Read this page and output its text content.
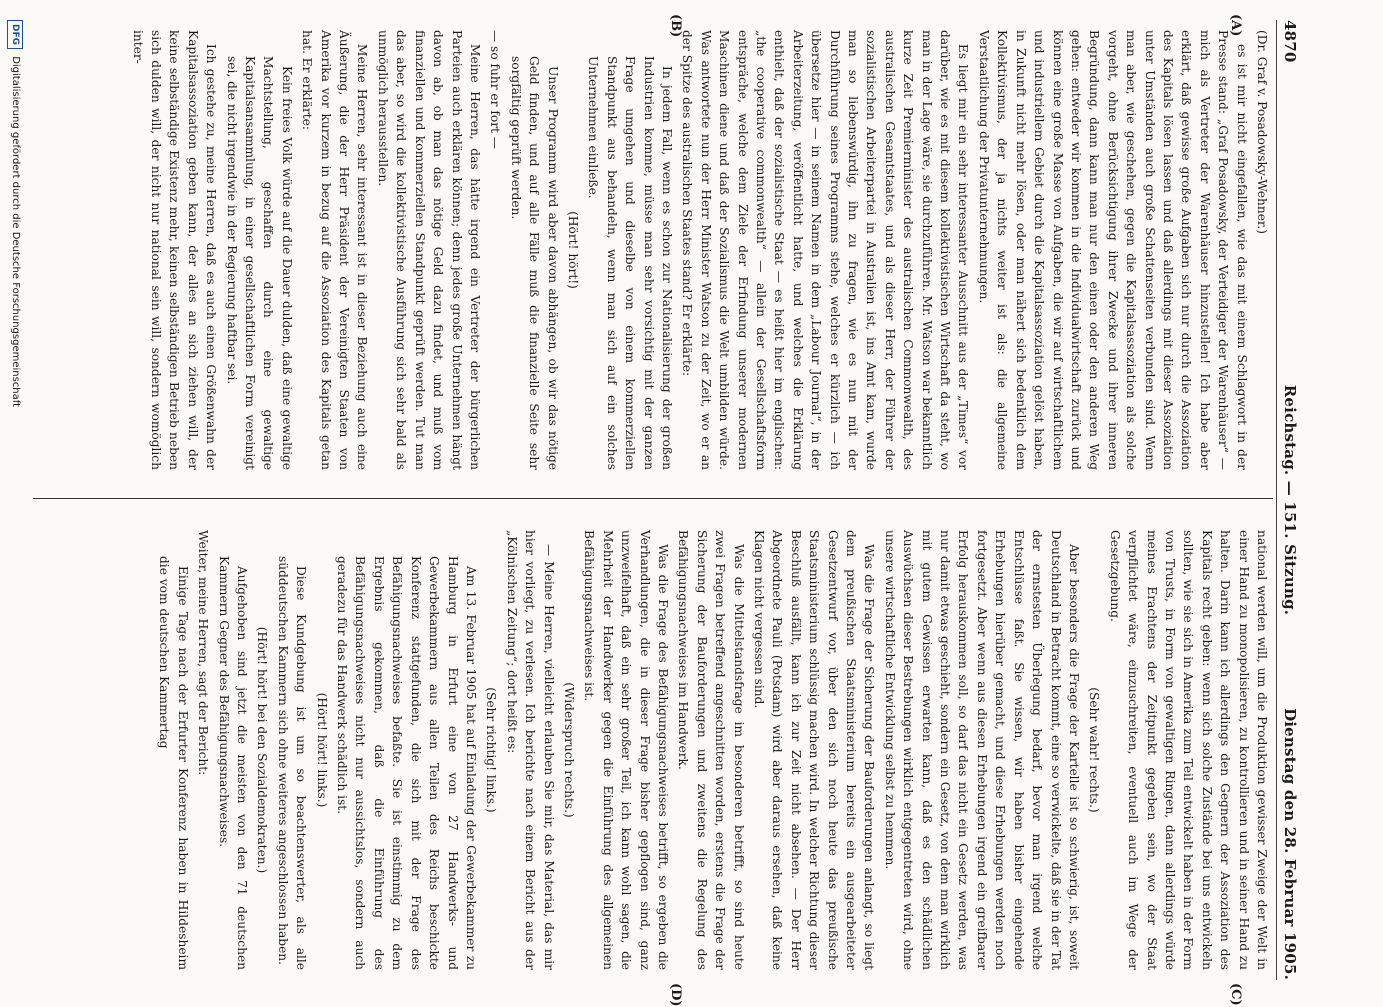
4870
Reichstag. — 151. Sitzung.
Dienstag den 28. Februar 1905.
(A)
(B)
(C)
(D)

(Dr. Graf v. Posadowsky-Wehner.)

es ist mir nicht eingefallen, wie das mit einem Schlagwort in der Presse stand: „Graf Posadowsky, der Verteidiger der Warenhäuser“ — mich als Vertreter der Warenhäuser hinzustellen! Ich habe aber erklärt, daß gewisse große Aufgaben sich nur durch die Assoziation des Kapitals lösen lassen und daß allerdings mit dieser Assoziation unter Umständen auch große Schattenseiten verbunden sind. Wenn man aber, wie geschehen, gegen die Kapitalsassoziation als solche vorgeht, ohne Berücksichtigung ihrer Zwecke und ihrer inneren Begründung, dann kann man nur den einen oder den anderen Weg gehen: entweder wir kommen in die Individualwirtschaft zurück und können eine große Masse von Aufgaben, die wir auf wirtschaftlichem und industriellem Gebiet durch die Kapitalsassoziation gelöst haben, in Zukunft nicht mehr lösen, oder man nähert sich bedenklich dem Kollektivismus, der ja nichts weiter ist als: die allgemeine Verstaatlichung der Privatunternehmungen.

Es liegt mir ein sehr interessanter Ausschnitt aus der „Times“ vor darüber, wie es mit diesem kollektivistischen Wirtschaft da steht, wo man in der Lage wäre, sie durchzuführen. Mr. Watson war bekanntlich kurze Zeit Premierminister des australischen Commonwealth, des australischen Gesamtstaates, und als dieser Herr, der Führer der sozialistischen Arbeiterpartei in Australien ist, ins Amt kam, wurde man so liebenswürdig, ihn zu fragen, wie es nun mit der Durchführung seines Programms stehe, welches er kürzlich — ich übersetze hier — in seinem Namen in dem „Labour Journal“, in der Arbeiterzeitung, veröffentlicht hatte, und welches die Erklärung enthielt, daß der sozialistische Staat — es heißt hier im englischen: „the cooperative commonwealth“ — allein der Gesellschaftsform entspräche, welche dem Ziele der Erfindung unserer modernen Maschinen diene und daß der Sozialismus die Welt umbilden würde. Was antwortete nun der Herr Minister Watson zu der Zeit, wo er an der Spitze des australischen Staates stand? Er erklärte:

In jedem Fall, wenn es schon zur Nationalisierung der großen Industrien komme, müsse man sehr vorsichtig mit der ganzen Frage umgehen und dieselbe von einem kommerziellen Standpunkt aus behandeln, wenn man sich auf ein solches Unternehmen einließe.

(Hört! hört!)

Unser Programm wird aber davon abhängen, ob wir das nötige Geld finden, und auf alle Fälle muß die finanzielle Seite sehr sorgfältig geprüft werden.

— so fuhr er fort —

Meine Herren, das hätte irgend ein Vertreter der bürgerlichen Parteien auch erklären können; denn jedes große Unternehmen hängt davon ab, ob man das nötige Geld dazu findet, und muß vom finanziellen und kommerziellen Standpunkt geprüft werden. Tut man das aber, so wird die kollektivistische Ausführung sich sehr bald als unmöglich herausstellen.

Meine Herren, sehr interessant ist in dieser Beziehung auch eine Äußerung, die der Herr Präsident der Vereinigten Staaten von Amerika vor kurzem in bezug auf die Assoziation des Kapitals getan hat. Er erklärte:

Kein freies Volk würde auf die Dauer dulden, daß eine gewaltige Machtstellung, geschaffen durch eine gewaltige Kapitalsansammlung, in einer gesellschaftlichen Form vereinigt sei, die nicht irgendwie in der Regierung haftbar sei.

Ich gestehe zu, meine Herren, daß es auch einen Größenwahn der Kapitalsassoziation geben kann, der alles an sich ziehen will, der keine selbständige Existenz mehr, keinen selbständigen Betrieb neben sich dulden will, der nicht nur national sein will, sondern womöglich inter-

national werden will, um die Produktion gewisser Zweige der Welt in einer Hand zu monopolisieren, zu kontrollieren und in seiner Hand zu halten. Darin kann ich allerdings den Gegnern der Assoziation des Kapitals recht geben: wenn sich solche Zustände bei uns entwickeln sollten, wie sie sich in Amerika zum Teil entwickelt haben in der Form von Trusts, in Form von gewaltigen Ringen, dann allerdings würde meines Erachtens der Zeitpunkt gegeben sein, wo der Staat verpflichtet wäre, einzuschreiten, eventuell auch im Wege der Gesetzgebung.

(Sehr wahr! rechts.)

Aber besonders die Frage der Kartelle ist so schwierig, ist, soweit Deutschland in Betracht kommt, eine so verwickelte, daß sie in der Tat der ernstesten Überlegung bedarf, bevor man irgend welche Entschlüsse faßt. Sie wissen, wir haben bisher eingehende Erhebungen hierüber gemacht, und diese Erhebungen werden noch fortgesetzt. Aber wenn aus diesen Erhebungen irgend ein greifbarer Erfolg herauskommen soll, so darf das nicht ein Gesetz werden, was nur damit etwas geschieht, sondern ein Gesetz, von dem man wirklich mit gutem Gewissen erwarten kann, daß es den schädlichen Auswüchsen dieser Bestrebungen wirklich entgegentreten wird, ohne unsere wirtschaftliche Entwicklung selbst zu hemmen.

Was die Frage der Sicherung der Bauforderungen anlangt, so liegt dem preußischen Staatsministerium bereits ein ausgearbeiteter Gesetzentwurf vor, über den sich noch heute das preußische Staatsministerium schlüssig machen wird. In welcher Richtung dieser Beschluß ausfällt, kann ich zur Zeit nicht absehen. — Der Herr Abgeordnete Pauli (Potsdam) wird aber daraus ersehen, daß keine Klagen nicht vergessen sind.

Was die Mittelstandsfrage im besonderen betrifft, so sind heute zwei Fragen betreffend angeschnitten worden, erstens die Frage der Sicherung der Bauforderungen und zweitens die Regelung des Befähigungsnachweises im Handwerk.

Was die Frage des Befähigungsnachweises betrifft, so ergeben die Verhandlungen, die in dieser Frage bisher gepflogen sind, ganz unzweifelhaft, daß ein sehr großer Teil, ich kann wohl sagen, die Mehrheit der Handwerker gegen die Einführung des allgemeinen Befähigungsnachweises ist.

(Widerspruch rechts.)

— Meine Herren, vielleicht erlauben Sie mir, das Material, das mir hier vorliegt, zu verlesen. Ich berichte nach einem Bericht aus der „Kölnischen Zeitung“; dort heißt es:

(Sehr richtig! links.)

Am 13. Februar 1905 hat auf Einladung der Gewerbekammer zu Hamburg in Erfurt eine von 27 Handwerks- und Gewerbekammern aus allen Teilen des Reichs beschickte Konferenz stattgefunden, die sich mit der Frage des Befähigungsnachweises befaßte. Sie ist einstimmig zu dem Ergebnis gekommen, daß die Einführung des Befähigungsnachweises nicht nur aussichtslos, sondern auch geradezu für das Handwerk schädlich ist.

(Hört! hört! links.)

Diese Kundgebung ist um so beachtenswerter, als alle süddeutschen Kammern sich ohne weiteres angeschlossen haben.

(Hört! hört! bei den Sozialdemokraten.)

Aufgehoben sind jetzt die meisten von den 71 deutschen Kammern Gegner des Befähigungsnachweises.

Weiter, meine Herren, sagt der Bericht:

Einige Tage nach der Erfurter Konferenz haben in Hildesheim die vom deutschen Kammertag

DFG Digitalisierung gefördert durch die Deutsche Forschungsgemeinschaft
